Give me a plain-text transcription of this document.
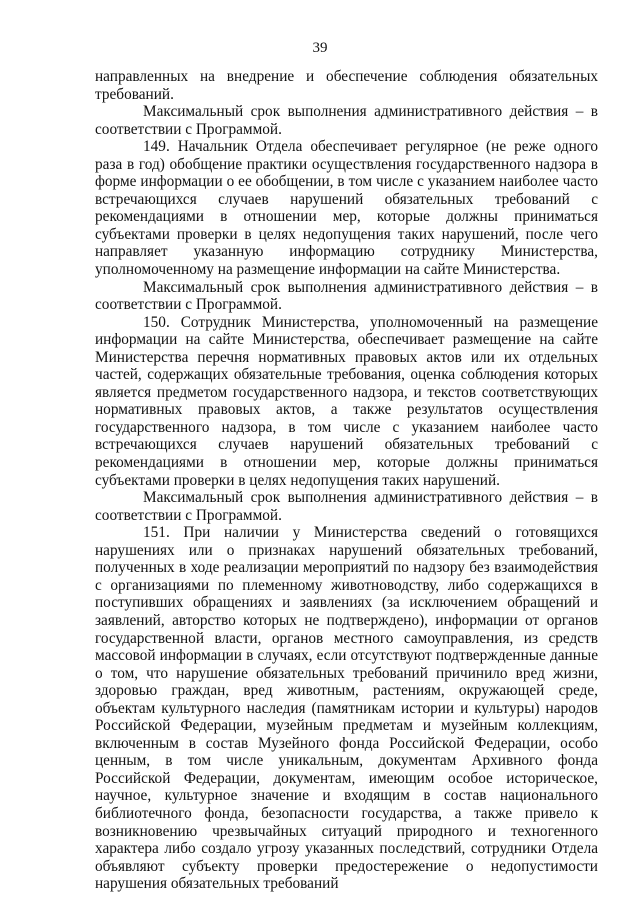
39

направленных на внедрение и обеспечение соблюдения обязательных требований.

Максимальный срок выполнения административного действия – в соответствии с Программой.

149. Начальник Отдела обеспечивает регулярное (не реже одного раза в год) обобщение практики осуществления государственного надзора в форме информации о ее обобщении, в том числе с указанием наиболее часто встречающихся случаев нарушений обязательных требований с рекомендациями в отношении мер, которые должны приниматься субъектами проверки в целях недопущения таких нарушений, после чего направляет указанную информацию сотруднику Министерства, уполномоченному на размещение информации на сайте Министерства.

Максимальный срок выполнения административного действия – в соответствии с Программой.

150. Сотрудник Министерства, уполномоченный на размещение информации на сайте Министерства, обеспечивает размещение на сайте Министерства перечня нормативных правовых актов или их отдельных частей, содержащих обязательные требования, оценка соблюдения которых является предметом государственного надзора, и текстов соответствующих нормативных правовых актов, а также результатов осуществления государственного надзора, в том числе с указанием наиболее часто встречающихся случаев нарушений обязательных требований с рекомендациями в отношении мер, которые должны приниматься субъектами проверки в целях недопущения таких нарушений.

Максимальный срок выполнения административного действия – в соответствии с Программой.

151. При наличии у Министерства сведений о готовящихся нарушениях или о признаках нарушений обязательных требований, полученных в ходе реализации мероприятий по надзору без взаимодействия с организациями по племенному животноводству, либо содержащихся в поступивших обращениях и заявлениях (за исключением обращений и заявлений, авторство которых не подтверждено), информации от органов государственной власти, органов местного самоуправления, из средств массовой информации в случаях, если отсутствуют подтвержденные данные о том, что нарушение обязательных требований причинило вред жизни, здоровью граждан, вред животным, растениям, окружающей среде, объектам культурного наследия (памятникам истории и культуры) народов Российской Федерации, музейным предметам и музейным коллекциям, включенным в состав Музейного фонда Российской Федерации, особо ценным, в том числе уникальным, документам Архивного фонда Российской Федерации, документам, имеющим особое историческое, научное, культурное значение и входящим в состав национального библиотечного фонда, безопасности государства, а также привело к возникновению чрезвычайных ситуаций природного и техногенного характера либо создало угрозу указанных последствий, сотрудники Отдела объявляют субъекту проверки предостережение о недопустимости нарушения обязательных требований
